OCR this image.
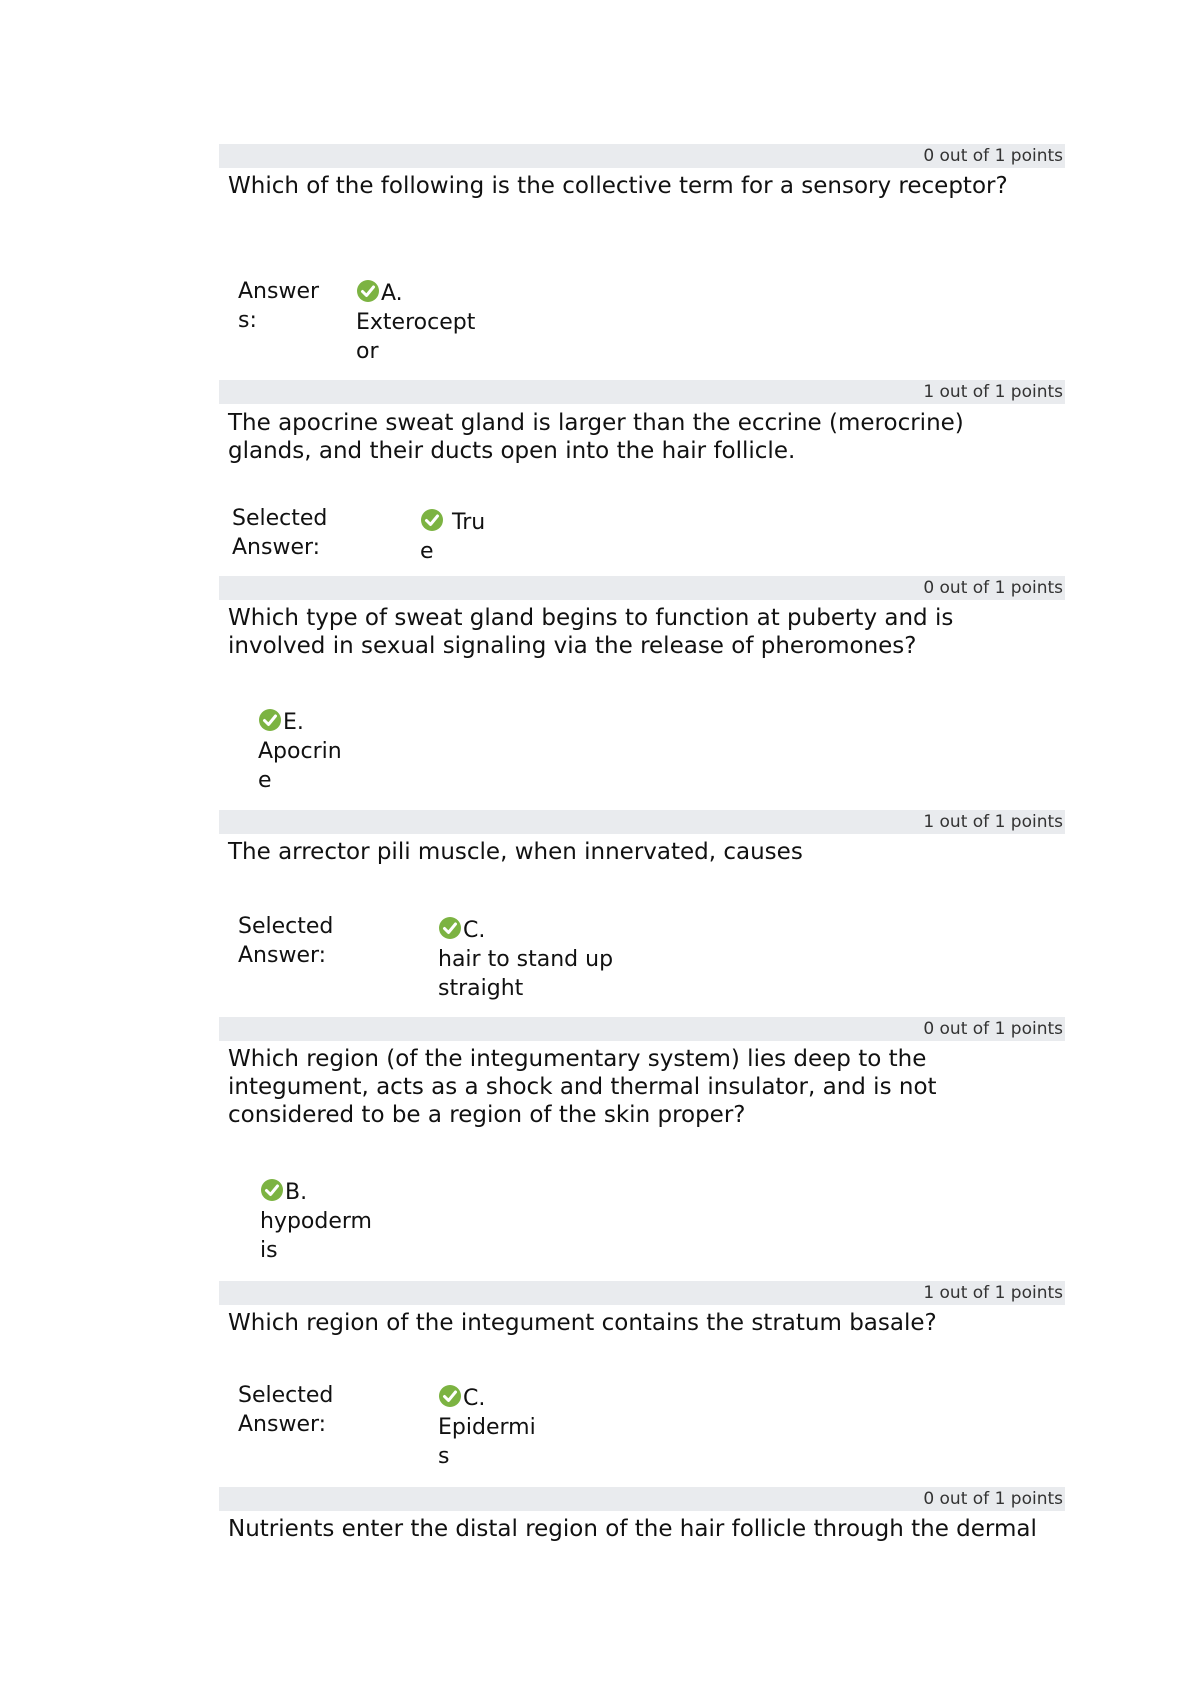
0 out of 1 points
Which of the following is the collective term for a sensory receptor?
Answer
s:
A.
Exterocept
or
1 out of 1 points
The apocrine sweat gland is larger than the eccrine (merocrine)
glands, and their ducts open into the hair follicle.
Selected
Answer:
Tru
e
0 out of 1 points
Which type of sweat gland begins to function at puberty and is
involved in sexual signaling via the release of pheromones?
E.
Apocrin
e
1 out of 1 points
The arrector pili muscle, when innervated, causes
Selected
Answer:
C.
hair to stand up
straight
0 out of 1 points
Which region (of the integumentary system) lies deep to the
integument, acts as a shock and thermal insulator, and is not
considered to be a region of the skin proper?
B.
hypoderm
is
1 out of 1 points
Which region of the integument contains the stratum basale?
Selected
Answer:
C.
Epidermi
s
0 out of 1 points
Nutrients enter the distal region of the hair follicle through the dermal
